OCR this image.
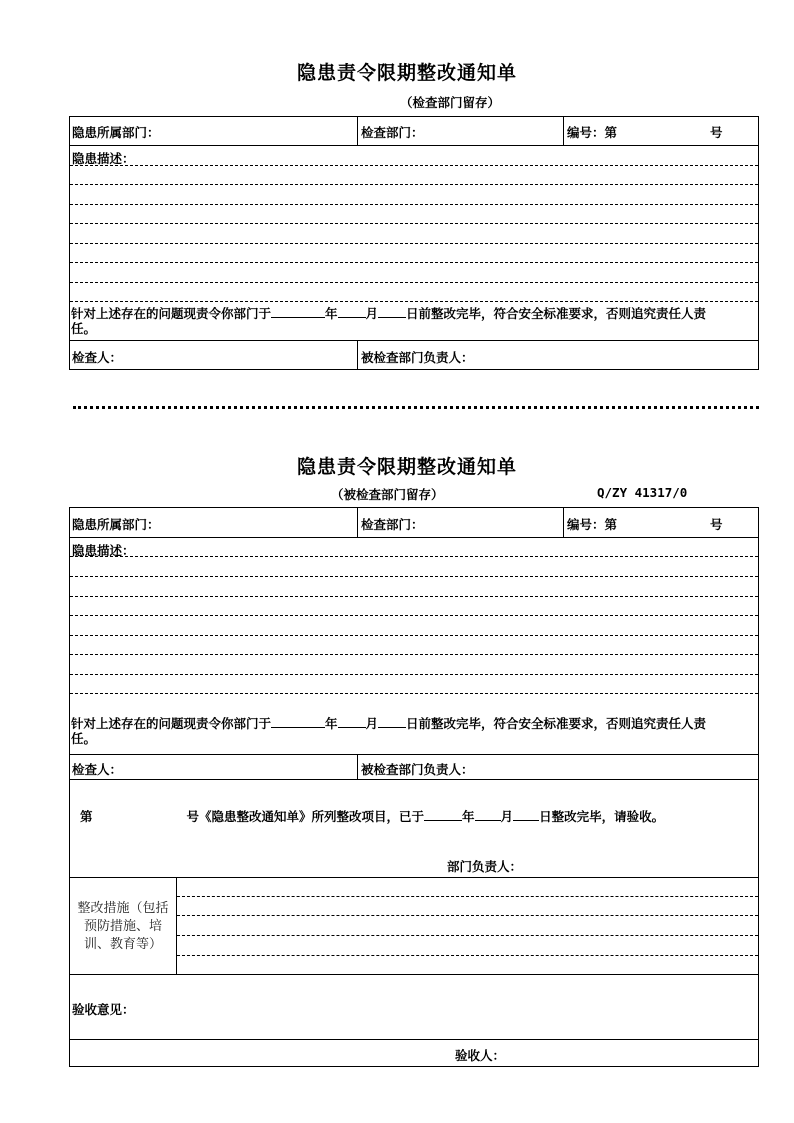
隐患责令限期整改通知单
（检查部门留存）
隐患所属部门：	检查部门：	编号：第	号
隐患描述：
针对上述存在的问题现责令你部门于	年 月 日前整改完毕，符合安全标准要求，否则追究责任人责
任。
检查人：	被检查部门负责人：
隐患责令限期整改通知单
（被检查部门留存）	Q/ZY 41317/0
隐患所属部门：	检查部门：	编号：第	号
隐患描述：
针对上述存在的问题现责令你部门于	年 月 日前整改完毕，符合安全标准要求，否则追究责任人责
任。
检查人：	被检查部门负责人：
第	号《隐患整改通知单》所列整改项目，已于	年 月 日整改完毕，请验收。
部门负责人：
整改措施（包括预防措施、培训、教育等）
验收意见：
验收人：
